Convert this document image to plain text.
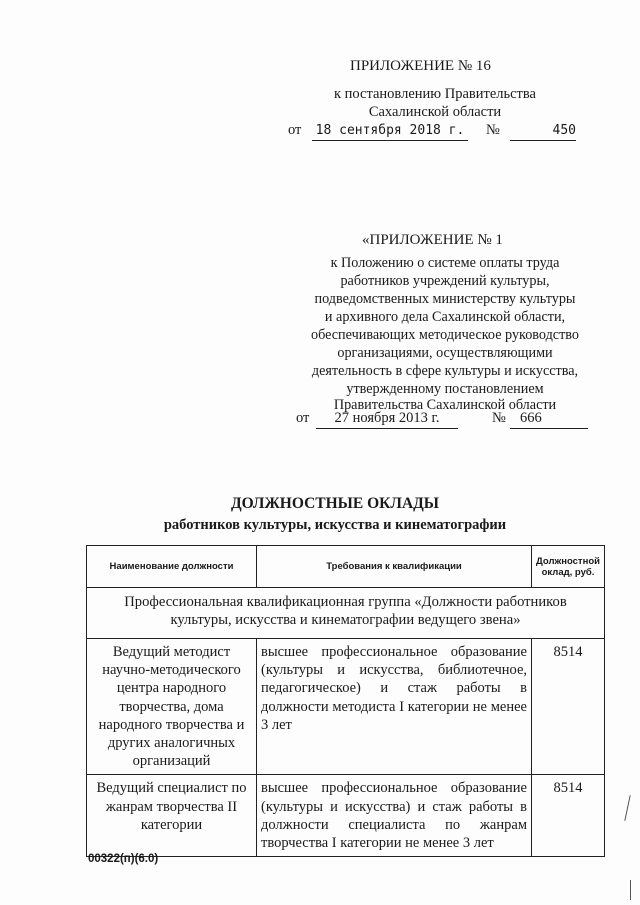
ПРИЛОЖЕНИЕ № 16
к постановлению Правительства
Сахалинской области
от 18 сентября 2018 г. №	450
«ПРИЛОЖЕНИЕ № 1
к Положению о системе оплаты труда
работников учреждений культуры,
подведомственных министерству культуры
и архивного дела Сахалинской области,
обеспечивающих методическое руководство
организациями, осуществляющими
деятельность в сфере культуры и искусства,
утвержденному постановлением
Правительства Сахалинской области
от	27 ноября 2013 г.	№ 666
ДОЛЖНОСТНЫЕ ОКЛАДЫ
работников культуры, искусства и кинематографии
Наименование должности	Требования к квалификации	Должностной оклад, руб.
Профессиональная квалификационная группа «Должности работников культуры, искусства и кинематографии ведущего звена»		
Ведущий методист научно-методического центра народного творчества, дома народного творчества и других аналогичных организаций	высшее профессиональное образование (культуры и искусства, библиотечное, педагогическое) и стаж работы в должности методиста I категории не менее 3 лет	8514
Ведущий специалист по жанрам творчества II категории	высшее профессиональное образование (культуры и искусства) и стаж работы в должности специалиста по жанрам творчества I категории не менее 3 лет	8514
00322(п)(6.0)
